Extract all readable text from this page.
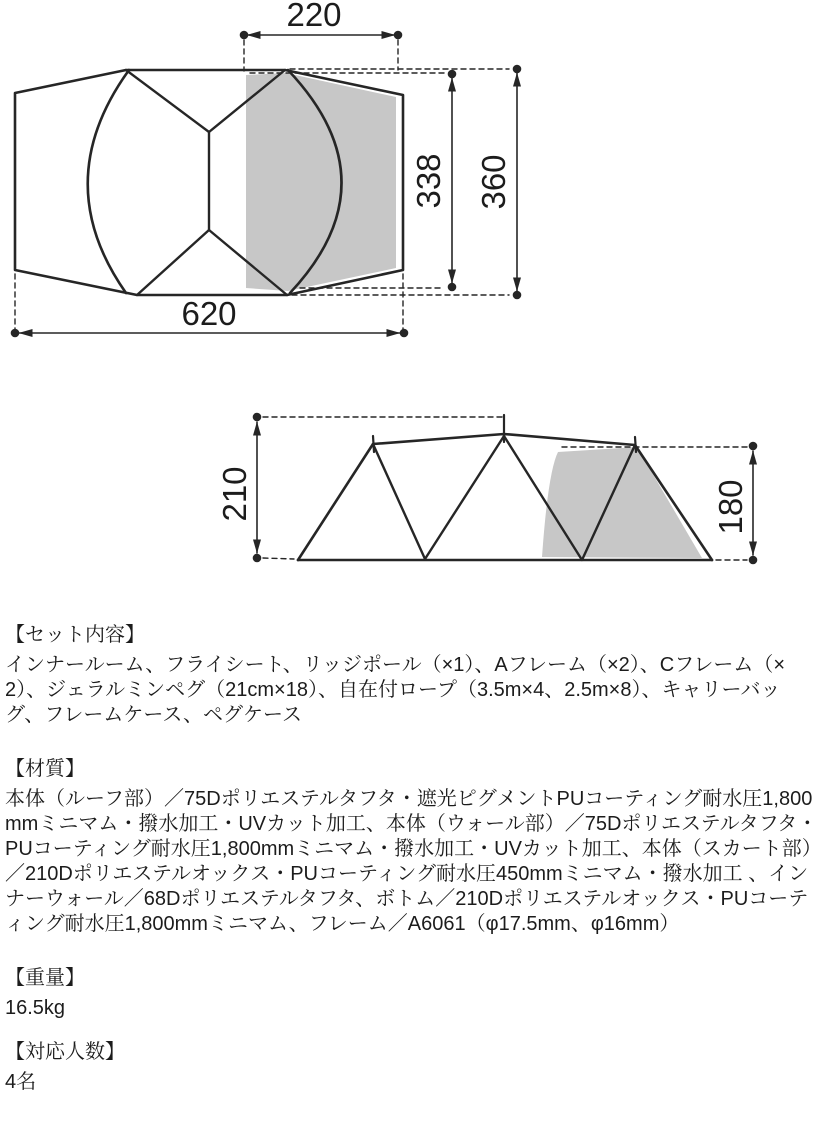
220
338 360
620
210	180
【セット内容】

インナールーム、フライシート、リッジポール（×1）、Aフレーム（×2）、Cフレーム（×2）、ジェラルミンペグ（21cm×18）、自在付ロープ（3.5m×4、2.5m×8）、キャリーバッグ、フレームケース、ペグケース

【材質】

本体（ルーフ部）／75Dポリエステルタフタ・遮光ピグメントPUコーティング耐水圧1,800mmミニマム・撥水加工・UVカット加工、本体（ウォール部）／75Dポリエステルタフタ・PUコーティング耐水圧1,800mmミニマム・撥水加工・UVカット加工、本体（スカート部）／210Dポリエステルオックス・PUコーティング耐水圧450mmミニマム・撥水加工 、インナーウォール／68Dポリエステルタフタ、ボトム／210Dポリエステルオックス・PUコーティング耐水圧1,800mmミニマム、フレーム／A6061（φ17.5mm、φ16mm）

【重量】

16.5kg

【対応人数】

4名
